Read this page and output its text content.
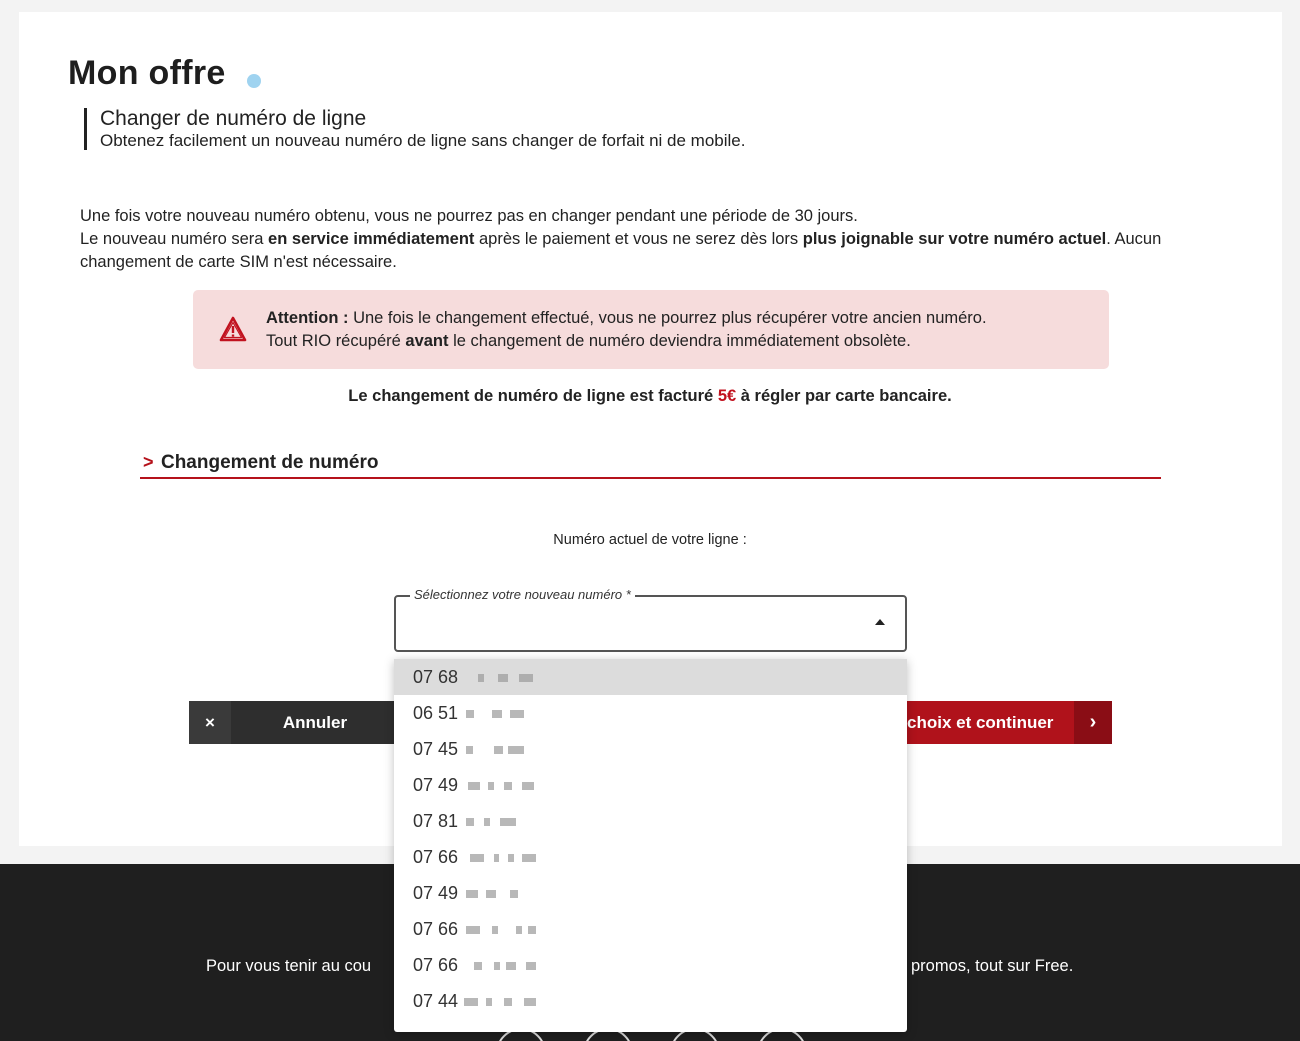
Mon offre
Changer de numéro de ligne
Obtenez facilement un nouveau numéro de ligne sans changer de forfait ni de mobile.
Une fois votre nouveau numéro obtenu, vous ne pourrez pas en changer pendant une période de 30 jours.
Le nouveau numéro sera en service immédiatement après le paiement et vous ne serez dès lors plus joignable sur votre numéro actuel. Aucun changement de carte SIM n'est nécessaire.
Attention : Une fois le changement effectué, vous ne pourrez plus récupérer votre ancien numéro.
Tout RIO récupéré avant le changement de numéro deviendra immédiatement obsolète.
Le changement de numéro de ligne est facturé 5€ à régler par carte bancaire.
> Changement de numéro
Numéro actuel de votre ligne :
Sélectionnez votre nouveau numéro *
×	Annuler	choix et continuer	›
Pour vous tenir au cou	promos, tout sur Free.
07 68
06 51
07 45
07 49
07 81
07 66
07 49
07 66
07 66
07 44
